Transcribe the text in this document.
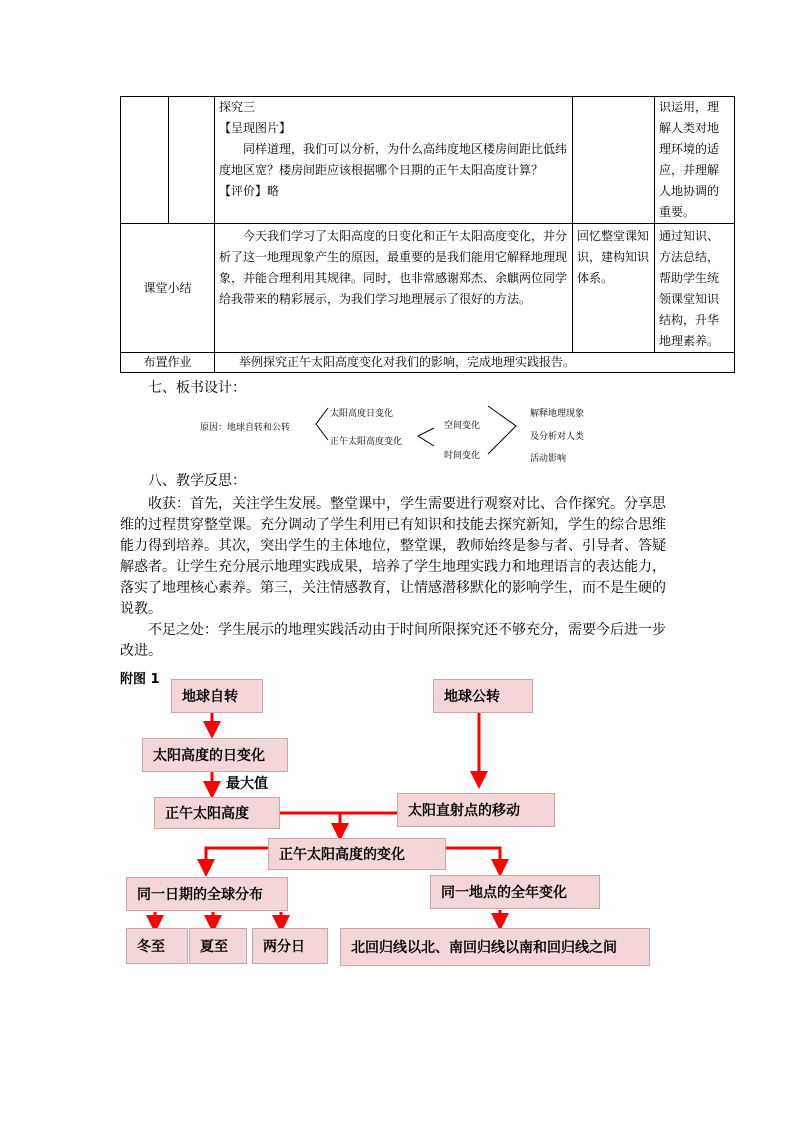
		探究三
【呈现图片】
同样道理，我们可以分析，为什么高纬度地区楼房间距比低纬度地区宽？楼房间距应该根据哪个日期的正午太阳高度计算？
【评价】略		识运用，理解人类对地理环境的适应，并理解人地协调的重要。
课堂小结		今天我们学习了太阳高度的日变化和正午太阳高度变化，并分析了这一地理现象产生的原因，最重要的是我们能用它解释地理现象，并能合理利用其规律。同时，也非常感谢郑杰、余麒两位同学给我带来的精彩展示，为我们学习地理展示了很好的方法。	回忆整堂课知识，建构知识体系。	通过知识、方法总结，帮助学生统领课堂知识结构，升华地理素养。
布置作业		举例探究正午太阳高度变化对我们的影响，完成地理实践报告。		
七、板书设计：
原因：地球自转和公转
太阳高度日变化
正午太阳高度变化
空间变化
时间变化
解释地理现象
及分析对人类
活动影响
八、教学反思：

收获：首先，关注学生发展。整堂课中，学生需要进行观察对比、合作探究。分享思维的过程贯穿整堂课。充分调动了学生利用已有知识和技能去探究新知，学生的综合思维能力得到培养。其次，突出学生的主体地位，整堂课，教师始终是参与者、引导者、答疑解惑者。让学生充分展示地理实践成果，培养了学生地理实践力和地理语言的表达能力，落实了地理核心素养。第三，关注情感教育，让情感潜移默化的影响学生，而不是生硬的说教。

不足之处：学生展示的地理实践活动由于时间所限探究还不够充分，需要今后进一步改进。

附图 1
地球自转	地球公转
太阳高度的日变化
最大值
正午太阳高度	太阳直射点的移动
正午太阳高度的变化
同一日期的全球分布	同一地点的全年变化
冬至	夏至	两分日	北回归线以北、南回归线以南和回归线之间
